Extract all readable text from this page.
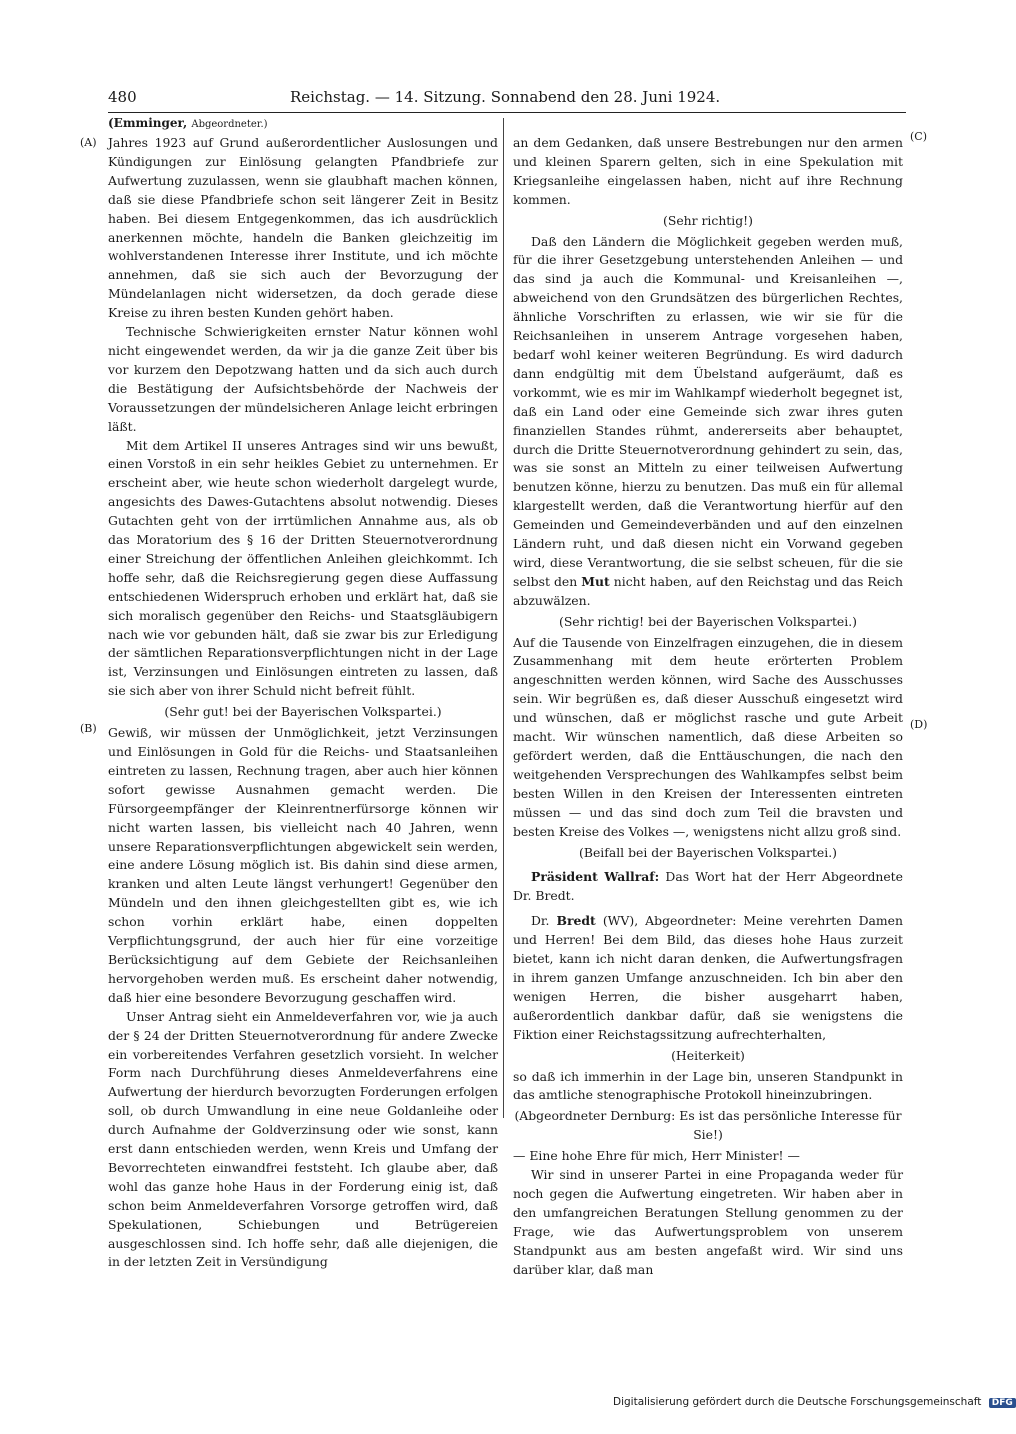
480	Reichstag. — 14. Sitzung. Sonnabend den 28. Juni 1924.
(Emminger, Abgeordneter.)
(A)
(B)
(C)
(D)

Jahres 1923 auf Grund außerordentlicher Auslosungen und Kündigungen zur Einlösung gelangten Pfandbriefe zur Aufwertung zuzulassen, wenn sie glaubhaft machen können, daß sie diese Pfandbriefe schon seit längerer Zeit in Besitz haben. Bei diesem Entgegenkommen, das ich ausdrücklich anerkennen möchte, handeln die Banken gleichzeitig im wohlverstandenen Interesse ihrer Institute, und ich möchte annehmen, daß sie sich auch der Bevorzugung der Mündelanlagen nicht widersetzen, da doch gerade diese Kreise zu ihren besten Kunden gehört haben.

Technische Schwierigkeiten ernster Natur können wohl nicht eingewendet werden, da wir ja die ganze Zeit über bis vor kurzem den Depotzwang hatten und da sich auch durch die Bestätigung der Aufsichtsbehörde der Nachweis der Voraussetzungen der mündelsicheren Anlage leicht erbringen läßt.

Mit dem Artikel II unseres Antrages sind wir uns bewußt, einen Vorstoß in ein sehr heikles Gebiet zu unternehmen. Er erscheint aber, wie heute schon wiederholt dargelegt wurde, angesichts des Dawes-Gutachtens absolut notwendig. Dieses Gutachten geht von der irrtümlichen Annahme aus, als ob das Moratorium des § 16 der Dritten Steuernotverordnung einer Streichung der öffentlichen Anleihen gleichkommt. Ich hoffe sehr, daß die Reichsregierung gegen diese Auffassung entschiedenen Widerspruch erhoben und erklärt hat, daß sie sich moralisch gegenüber den Reichs- und Staatsgläubigern nach wie vor gebunden hält, daß sie zwar bis zur Erledigung der sämtlichen Reparationsverpflichtungen nicht in der Lage ist, Verzinsungen und Einlösungen eintreten zu lassen, daß sie sich aber von ihrer Schuld nicht befreit fühlt.

(Sehr gut! bei der Bayerischen Volkspartei.)

Gewiß, wir müssen der Unmöglichkeit, jetzt Verzinsungen und Einlösungen in Gold für die Reichs- und Staatsanleihen eintreten zu lassen, Rechnung tragen, aber auch hier können sofort gewisse Ausnahmen gemacht werden. Die Fürsorgeempfänger der Kleinrentnerfürsorge können wir nicht warten lassen, bis vielleicht nach 40 Jahren, wenn unsere Reparationsverpflichtungen abgewickelt sein werden, eine andere Lösung möglich ist. Bis dahin sind diese armen, kranken und alten Leute längst verhungert! Gegenüber den Mündeln und den ihnen gleichgestellten gibt es, wie ich schon vorhin erklärt habe, einen doppelten Verpflichtungsgrund, der auch hier für eine vorzeitige Berücksichtigung auf dem Gebiete der Reichsanleihen hervorgehoben werden muß. Es erscheint daher notwendig, daß hier eine besondere Bevorzugung geschaffen wird.

Unser Antrag sieht ein Anmeldeverfahren vor, wie ja auch der § 24 der Dritten Steuernotverordnung für andere Zwecke ein vorbereitendes Verfahren gesetzlich vorsieht. In welcher Form nach Durchführung dieses Anmeldeverfahrens eine Aufwertung der hierdurch bevorzugten Forderungen erfolgen soll, ob durch Umwandlung in eine neue Goldanleihe oder durch Aufnahme der Goldverzinsung oder wie sonst, kann erst dann entschieden werden, wenn Kreis und Umfang der Bevorrechteten einwandfrei feststeht. Ich glaube aber, daß wohl das ganze hohe Haus in der Forderung einig ist, daß schon beim Anmeldeverfahren Vorsorge getroffen wird, daß Spekulationen, Schiebungen und Betrügereien ausgeschlossen sind. Ich hoffe sehr, daß alle diejenigen, die in der letzten Zeit in Versündigung

an dem Gedanken, daß unsere Bestrebungen nur den armen und kleinen Sparern gelten, sich in eine Spekulation mit Kriegsanleihe eingelassen haben, nicht auf ihre Rechnung kommen.

(Sehr richtig!)

Daß den Ländern die Möglichkeit gegeben werden muß, für die ihrer Gesetzgebung unterstehenden Anleihen — und das sind ja auch die Kommunal- und Kreisanleihen —, abweichend von den Grundsätzen des bürgerlichen Rechtes, ähnliche Vorschriften zu erlassen, wie wir sie für die Reichsanleihen in unserem Antrage vorgesehen haben, bedarf wohl keiner weiteren Begründung. Es wird dadurch dann endgültig mit dem Übelstand aufgeräumt, daß es vorkommt, wie es mir im Wahlkampf wiederholt begegnet ist, daß ein Land oder eine Gemeinde sich zwar ihres guten finanziellen Standes rühmt, andererseits aber behauptet, durch die Dritte Steuernotverordnung gehindert zu sein, das, was sie sonst an Mitteln zu einer teilweisen Aufwertung benutzen könne, hierzu zu benutzen. Das muß ein für allemal klargestellt werden, daß die Verantwortung hierfür auf den Gemeinden und Gemeindeverbänden und auf den einzelnen Ländern ruht, und daß diesen nicht ein Vorwand gegeben wird, diese Verantwortung, die sie selbst scheuen, für die sie selbst den Mut nicht haben, auf den Reichstag und das Reich abzuwälzen.

(Sehr richtig! bei der Bayerischen Volkspartei.)

Auf die Tausende von Einzelfragen einzugehen, die in diesem Zusammenhang mit dem heute erörterten Problem angeschnitten werden können, wird Sache des Ausschusses sein. Wir begrüßen es, daß dieser Ausschuß eingesetzt wird und wünschen, daß er möglichst rasche und gute Arbeit macht. Wir wünschen namentlich, daß diese Arbeiten so gefördert werden, daß die Enttäuschungen, die nach den weitgehenden Versprechungen des Wahlkampfes selbst beim besten Willen in den Kreisen der Interessenten eintreten müssen — und das sind doch zum Teil die bravsten und besten Kreise des Volkes —, wenigstens nicht allzu groß sind.

(Beifall bei der Bayerischen Volkspartei.)

Präsident Wallraf: Das Wort hat der Herr Abgeordnete Dr. Bredt.

Dr. Bredt (WV), Abgeordneter: Meine verehrten Damen und Herren! Bei dem Bild, das dieses hohe Haus zurzeit bietet, kann ich nicht daran denken, die Aufwertungsfragen in ihrem ganzen Umfange anzuschneiden. Ich bin aber den wenigen Herren, die bisher ausgeharrt haben, außerordentlich dankbar dafür, daß sie wenigstens die Fiktion einer Reichstagssitzung aufrechterhalten,

(Heiterkeit)

so daß ich immerhin in der Lage bin, unseren Standpunkt in das amtliche stenographische Protokoll hineinzubringen.

(Abgeordneter Dernburg: Es ist das persönliche Interesse für Sie!)

— Eine hohe Ehre für mich, Herr Minister! —

Wir sind in unserer Partei in eine Propaganda weder für noch gegen die Aufwertung eingetreten. Wir haben aber in den umfangreichen Beratungen Stellung genommen zu der Frage, wie das Aufwertungsproblem von unserem Standpunkt aus am besten angefaßt wird. Wir sind uns darüber klar, daß man

Digitalisierung gefördert durch die Deutsche Forschungsgemeinschaft DFG
